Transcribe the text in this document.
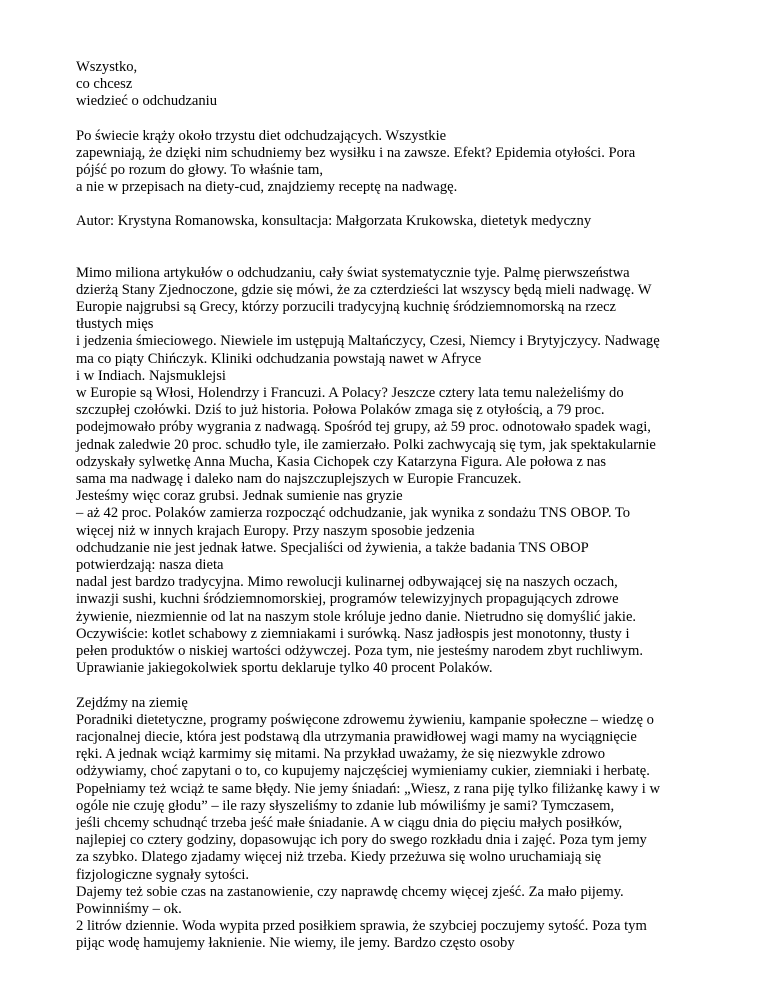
Wszystko,
co chcesz
wiedzieć o odchudzaniu
Po świecie krąży około trzystu diet odchudzających. Wszystkie
zapewniają, że dzięki nim schudniemy bez wysiłku i na zawsze. Efekt? Epidemia otyłości. Pora
pójść po rozum do głowy. To właśnie tam,
a nie w przepisach na diety-cud, znajdziemy receptę na nadwagę.
Autor: Krystyna Romanowska, konsultacja: Małgorzata Krukowska, dietetyk medyczny
Mimo miliona artykułów o odchudzaniu, cały świat systematycznie tyje. Palmę pierwszeństwa
dzierżą Stany Zjednoczone, gdzie się mówi, że za czterdzieści lat wszyscy będą mieli nadwagę. W
Europie najgrubsi są Grecy, którzy porzucili tradycyjną kuchnię śródziemnomorską na rzecz
tłustych mięs
i jedzenia śmieciowego. Niewiele im ustępują Maltańczycy, Czesi, Niemcy i Brytyjczycy. Nadwagę
ma co piąty Chińczyk. Kliniki odchudzania powstają nawet w Afryce
i w Indiach. Najsmuklejsi
w Europie są Włosi, Holendrzy i Francuzi. A Polacy? Jeszcze cztery lata temu należeliśmy do
szczupłej czołówki. Dziś to już historia. Połowa Polaków zmaga się z otyłością, a 79 proc.
podejmowało próby wygrania z nadwagą. Spośród tej grupy, aż 59 proc. odnotowało spadek wagi,
jednak zaledwie 20 proc. schudło tyle, ile zamierzało. Polki zachwycają się tym, jak spektakularnie
odzyskały sylwetkę Anna Mucha, Kasia Cichopek czy Katarzyna Figura. Ale połowa z nas
sama ma nadwagę i daleko nam do najszczuplejszych w Europie Francuzek.
Jesteśmy więc coraz grubsi. Jednak sumienie nas gryzie
– aż 42 proc. Polaków zamierza rozpocząć odchudzanie, jak wynika z sondażu TNS OBOP. To
więcej niż w innych krajach Europy. Przy naszym sposobie jedzenia
odchudzanie nie jest jednak łatwe. Specjaliści od żywienia, a także badania TNS OBOP
potwierdzają: nasza dieta
nadal jest bardzo tradycyjna. Mimo rewolucji kulinarnej odbywającej się na naszych oczach,
inwazji sushi, kuchni śródziemnomorskiej, programów telewizyjnych propagujących zdrowe
żywienie, niezmiennie od lat na naszym stole króluje jedno danie. Nietrudno się domyślić jakie.
Oczywiście: kotlet schabowy z ziemniakami i surówką. Nasz jadłospis jest monotonny, tłusty i
pełen produktów o niskiej wartości odżywczej. Poza tym, nie jesteśmy narodem zbyt ruchliwym.
Uprawianie jakiegokolwiek sportu deklaruje tylko 40 procent Polaków.
Zejdźmy na ziemię
Poradniki dietetyczne, programy poświęcone zdrowemu żywieniu, kampanie społeczne – wiedzę o
racjonalnej diecie, która jest podstawą dla utrzymania prawidłowej wagi mamy na wyciągnięcie
ręki. A jednak wciąż karmimy się mitami. Na przykład uważamy, że się niezwykle zdrowo
odżywiamy, choć zapytani o to, co kupujemy najczęściej wymieniamy cukier, ziemniaki i herbatę.
Popełniamy też wciąż te same błędy. Nie jemy śniadań: „Wiesz, z rana piję tylko filiżankę kawy i w
ogóle nie czuję głodu” – ile razy słyszeliśmy to zdanie lub mówiliśmy je sami? Tymczasem,
jeśli chcemy schudnąć trzeba jeść małe śniadanie. A w ciągu dnia do pięciu małych posiłków,
najlepiej co cztery godziny, dopasowując ich pory do swego rozkładu dnia i zajęć. Poza tym jemy
za szybko. Dlatego zjadamy więcej niż trzeba. Kiedy przeżuwa się wolno uruchamiają się
fizjologiczne sygnały sytości.
Dajemy też sobie czas na zastanowienie, czy naprawdę chcemy więcej zjeść. Za mało pijemy.
Powinniśmy – ok.
2 litrów dziennie. Woda wypita przed posiłkiem sprawia, że szybciej poczujemy sytość. Poza tym
pijąc wodę hamujemy łaknienie. Nie wiemy, ile jemy. Bardzo często osoby
